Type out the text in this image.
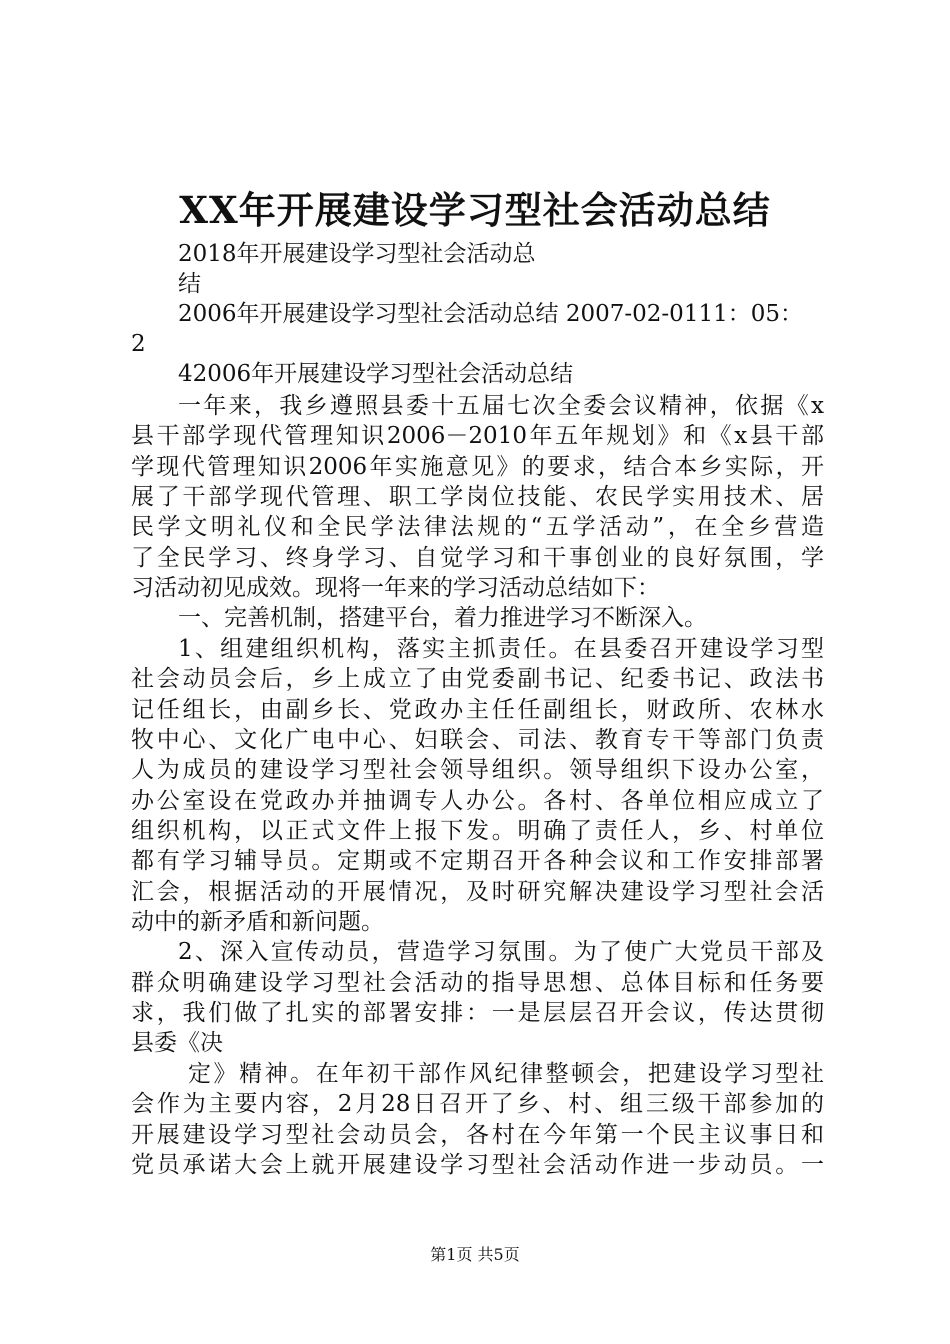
XX年开展建设学习型社会活动总结
2018年开展建设学习型社会活动总
结
2006年开展建设学习型社会活动总结 2007-02-0111：05：
2
42006年开展建设学习型社会活动总结
一年来，我乡遵照县委十五届七次全委会议精神，依据《x
县干部学现代管理知识2006－2010年五年规划》和《x县干部
学现代管理知识2006年实施意见》的要求，结合本乡实际，开
展了干部学现代管理、职工学岗位技能、农民学实用技术、居
民学文明礼仪和全民学法律法规的“五学活动”，在全乡营造
了全民学习、终身学习、自觉学习和干事创业的良好氛围，学
习活动初见成效。现将一年来的学习活动总结如下：
一、完善机制，搭建平台，着力推进学习不断深入。
1、组建组织机构，落实主抓责任。在县委召开建设学习型
社会动员会后，乡上成立了由党委副书记、纪委书记、政法书
记任组长，由副乡长、党政办主任任副组长，财政所、农林水
牧中心、文化广电中心、妇联会、司法、教育专干等部门负责
人为成员的建设学习型社会领导组织。领导组织下设办公室，
办公室设在党政办并抽调专人办公。各村、各单位相应成立了
组织机构，以正式文件上报下发。明确了责任人，乡、村单位
都有学习辅导员。定期或不定期召开各种会议和工作安排部署
汇会，根据活动的开展情况，及时研究解决建设学习型社会活
动中的新矛盾和新问题。
2、深入宣传动员，营造学习氛围。为了使广大党员干部及
群众明确建设学习型社会活动的指导思想、总体目标和任务要
求，我们做了扎实的部署安排：一是层层召开会议，传达贯彻
县委《决
定》精神。在年初干部作风纪律整顿会，把建设学习型社
会作为主要内容，2月28日召开了乡、村、组三级干部参加的
开展建设学习型社会动员会，各村在今年第一个民主议事日和
党员承诺大会上就开展建设学习型社会活动作进一步动员。一
第1页 共5页
